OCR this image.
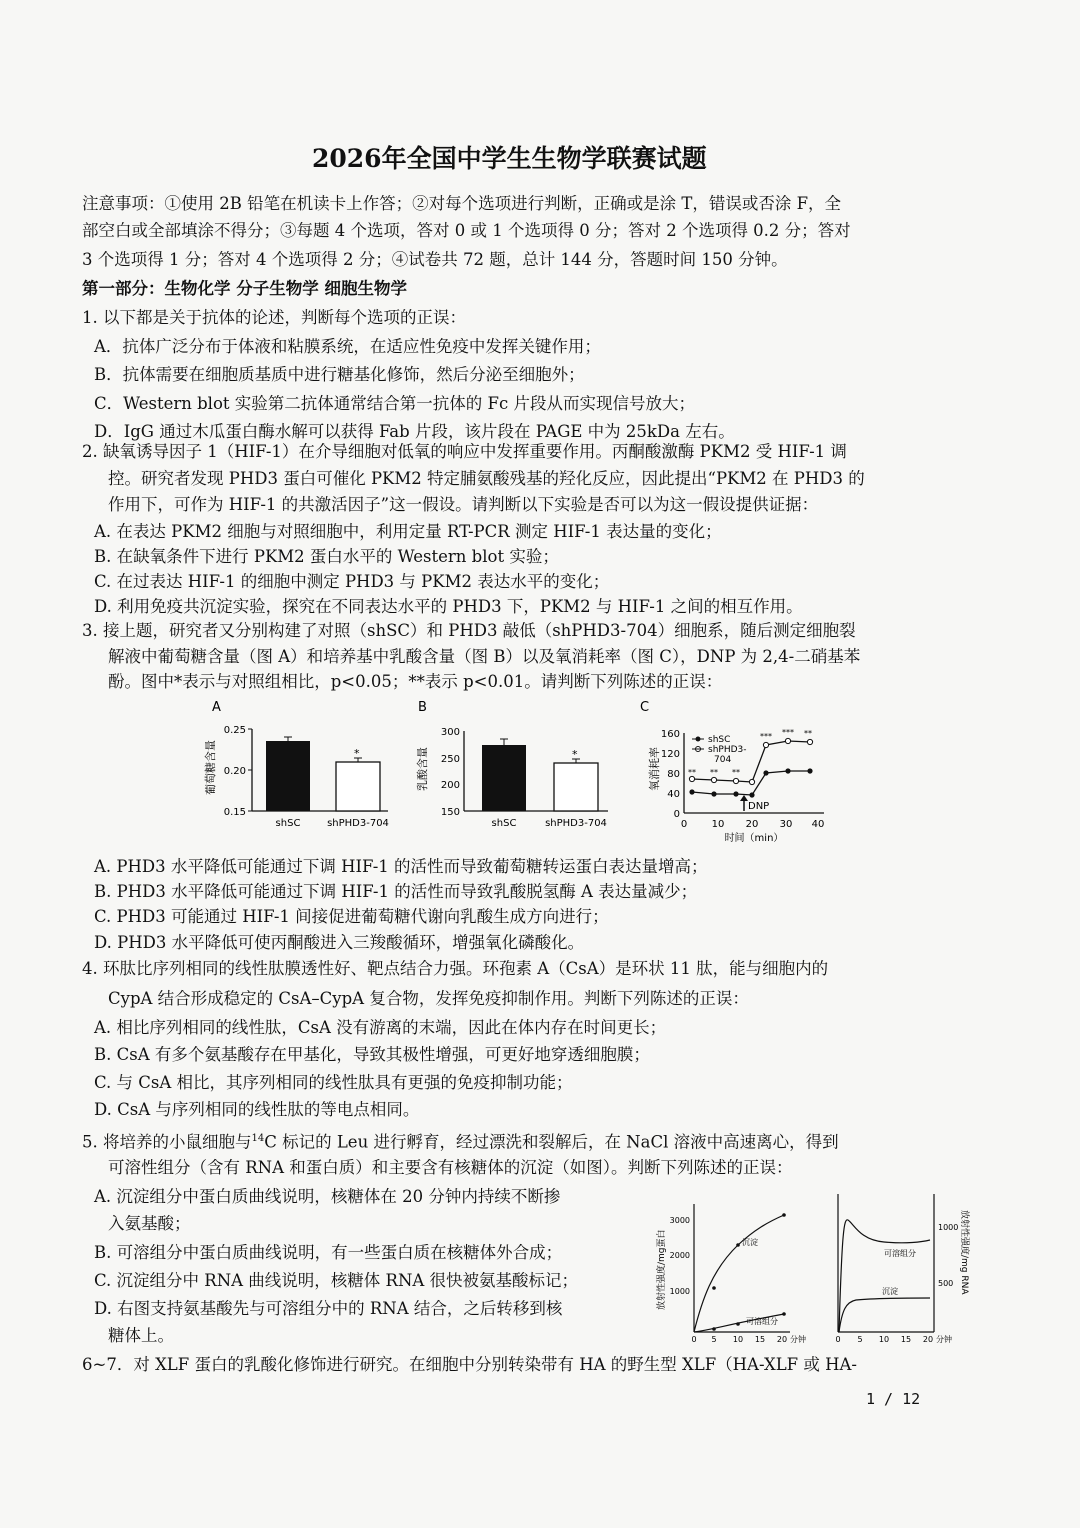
2026年全国中学生生物学联赛试题
注意事项：①使用 2B 铅笔在机读卡上作答；②对每个选项进行判断，正确或是涂 T，错误或否涂 F，全
部空白或全部填涂不得分；③每题 4 个选项，答对 0 或 1 个选项得 0 分；答对 2 个选项得 0.2 分；答对
3 个选项得 1 分；答对 4 个选项得 2 分；④试卷共 72 题，总计 144 分，答题时间 150 分钟。
第一部分：生物化学 分子生物学 细胞生物学
1. 以下都是关于抗体的论述，判断每个选项的正误：
A．抗体广泛分布于体液和粘膜系统，在适应性免疫中发挥关键作用；
B．抗体需要在细胞质基质中进行糖基化修饰，然后分泌至细胞外；
C．Western blot 实验第二抗体通常结合第一抗体的 Fc 片段从而实现信号放大；
D．IgG 通过木瓜蛋白酶水解可以获得 Fab 片段，该片段在 PAGE 中为 25kDa 左右。
2. 缺氧诱导因子 1（HIF-1）在介导细胞对低氧的响应中发挥重要作用。丙酮酸激酶 PKM2 受 HIF-1 调
控。研究者发现 PHD3 蛋白可催化 PKM2 特定脯氨酸残基的羟化反应，因此提出“PKM2 在 PHD3 的
作用下，可作为 HIF-1 的共激活因子”这一假设。请判断以下实验是否可以为这一假设提供证据：
A. 在表达 PKM2 细胞与对照细胞中，利用定量 RT-PCR 测定 HIF-1 表达量的变化；
B. 在缺氧条件下进行 PKM2 蛋白水平的 Western blot 实验；
C. 在过表达 HIF-1 的细胞中测定 PHD3 与 PKM2 表达水平的变化；
D. 利用免疫共沉淀实验，探究在不同表达水平的 PHD3 下，PKM2 与 HIF-1 之间的相互作用。
3. 接上题，研究者又分别构建了对照（shSC）和 PHD3 敲低（shPHD3-704）细胞系，随后测定细胞裂
解液中葡萄糖含量（图 A）和培养基中乳酸含量（图 B）以及氧消耗率（图 C），DNP 为 2,4-二硝基苯
酚。图中*表示与对照组相比，p<0.05；**表示 p<0.01。请判断下列陈述的正误：
A
葡萄糖含量
0.25
0.20
0.15
*
shSC	shPHD3-704
B
乳酸含量
300
250
200
150
*
shSC	shPHD3-704
C
氧消耗率
160
120
80
40
0
0 10 20 30 40
时间（min）
shSC
shPHD3-
704
** ** **
*** *** **
DNP
A. PHD3 水平降低可能通过下调 HIF-1 的活性而导致葡萄糖转运蛋白表达量增高；
B. PHD3 水平降低可能通过下调 HIF-1 的活性而导致乳酸脱氢酶 A 表达量减少；
C. PHD3 可能通过 HIF-1 间接促进葡萄糖代谢向乳酸生成方向进行；
D. PHD3 水平降低可使丙酮酸进入三羧酸循环，增强氧化磷酸化。
4. 环肽比序列相同的线性肽膜透性好、靶点结合力强。环孢素 A（CsA）是环状 11 肽，能与细胞内的
CypA 结合形成稳定的 CsA–CypA 复合物，发挥免疫抑制作用。判断下列陈述的正误：
A. 相比序列相同的线性肽，CsA 没有游离的末端，因此在体内存在时间更长；
B. CsA 有多个氨基酸存在甲基化，导致其极性增强，可更好地穿透细胞膜；
C. 与 CsA 相比，其序列相同的线性肽具有更强的免疫抑制功能；
D. CsA 与序列相同的线性肽的等电点相同。
5. 将培养的小鼠细胞与$^{14}$C 标记的 Leu 进行孵育，经过漂洗和裂解后，在 NaCl 溶液中高速离心，得到
可溶性组分（含有 RNA 和蛋白质）和主要含有核糖体的沉淀（如图）。判断下列陈述的正误：
A. 沉淀组分中蛋白质曲线说明，核糖体在 20 分钟内持续不断掺
入氨基酸；
B. 可溶组分中蛋白质曲线说明，有一些蛋白质在核糖体外合成；
C. 沉淀组分中 RNA 曲线说明，核糖体 RNA 很快被氨基酸标记；
D. 右图支持氨基酸先与可溶组分中的 RNA 结合，之后转移到核
糖体上。
放射性强度/mg蛋白
3000
2000
1000
0 5 10 15 20 分钟
沉淀
可溶组分
1000
500 放射性强度/mg RNA
0 5 10 15 20 分钟
可溶组分
沉淀
6~7．对 XLF 蛋白的乳酸化修饰进行研究。在细胞中分别转染带有 HA 的野生型 XLF（HA-XLF 或 HA-
1 / 12
